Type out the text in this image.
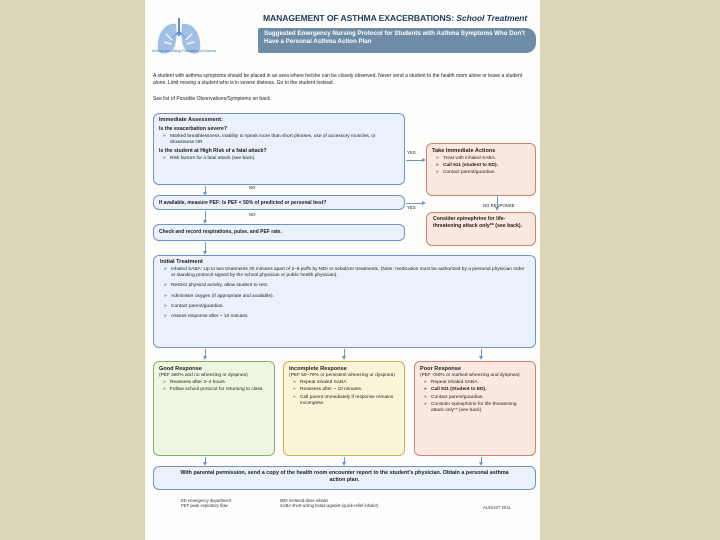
Asthma and Allergy Foundation of America
MANAGEMENT OF ASTHMA EXACERBATIONS: School Treatment
Suggested Emergency Nursing Protocol for Students with Asthma Symptoms Who Don't Have a Personal Asthma Action Plan
A student with asthma symptoms should be placed in an area where he/she can be closely observed. Never send a student to the health room alone or leave a student alone. Limit moving a student who is in severe distress. Go to the student instead.
See list of Possible Observations/Symptoms on back.
Immediate Assessment:
Is the exacerbation severe?
» Marked breathlessness, inability to speak more than short phrases, use of accessory muscles, or drowsiness OR
Is the student at High Risk of a fatal attack?
» Risk factors for a fatal attack (see back).
Take Immediate Actions
» Treat with inhaled SABA.
» Call 911 (student to ED).
» Contact parent/guardian.
YES
NO
If available, measure PEF: Is PEF < 50% of predicted or personal best?
YES	NO RESPONSE
Consider epinephrine for life-threatening attack only** (see back).
NO
Check and record respirations, pulse, and PEF rate.
Initial Treatment
» Inhaled SABA: Up to two treatments 20 minutes apart of 2–6 puffs by MDI or nebulizer treatments. (Note: medication must be authorized by a personal physician order or standing protocol signed by the school physician or public health physician).
» Restrict physical activity, allow student to rest.
» Administer oxygen (if appropriate and available).
» Contact parent/guardian.
» Assess response after ~ 10 minutes.
Good Response
(PEF ≥80% and no wheezing or dyspnea)
» Reassess after 3–4 hours.
» Follow school protocol for returning to class.
Incomplete Response
(PEF 50–79% or persistent wheezing or dyspnea)
» Repeat inhaled SABA.
» Reassess after ~ 10 minutes.
» Call parent immediately if response remains incomplete.
Poor Response
(PEF <50% or marked wheezing and dyspnea)
» Repeat inhaled SABA.
» Call 911 (Student to ED).
» Contact parent/guardian.
» Consider epinephrine for life-threatening attack only** (see back).
With parental permission, send a copy of the health room encounter report to the student's physician. Obtain a personal asthma action plan.
ED emergency department
PEF peak expiratory flow
MDI metered-dose inhaler
SABA short-acting beta2-agonist (quick-relief inhaler)	AUGUST 2011
